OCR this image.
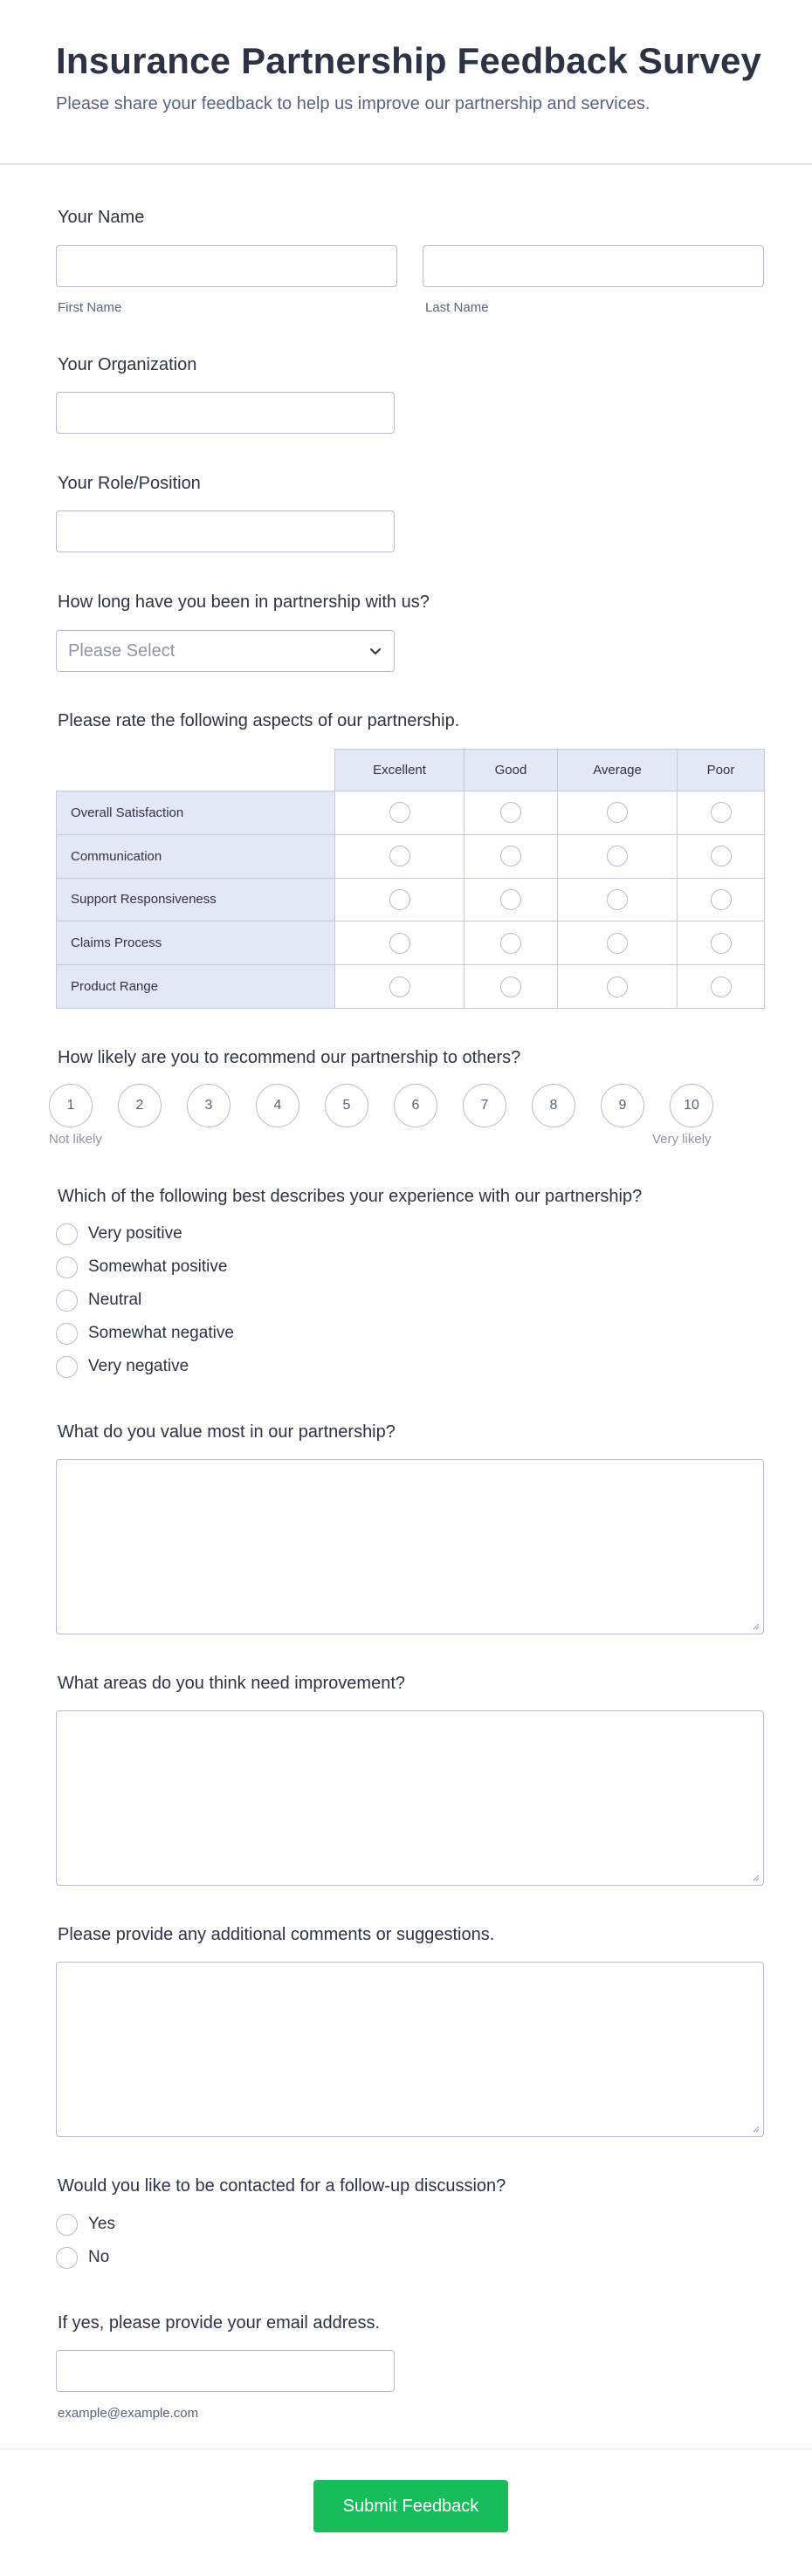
Insurance Partnership Feedback Survey
Please share your feedback to help us improve our partnership and services.
Your Name
First Name	Last Name
Your Organization
Your Role/Position
How long have you been in partnership with us?
Please Select
Please rate the following aspects of our partnership.
	Excellent	Good	Average	Poor
Overall Satisfaction				
Communication				
Support Responsiveness				
Claims Process				
Product Range				
How likely are you to recommend our partnership to others?
1	2	3	4	5	6	7	8	9	10
Not likely	Very likely
Which of the following best describes your experience with our partnership?
Very positive
Somewhat positive
Neutral
Somewhat negative
Very negative
What do you value most in our partnership?
What areas do you think need improvement?
Please provide any additional comments or suggestions.
Would you like to be contacted for a follow-up discussion?
Yes
No
If yes, please provide your email address.
example@example.com
Submit Feedback
